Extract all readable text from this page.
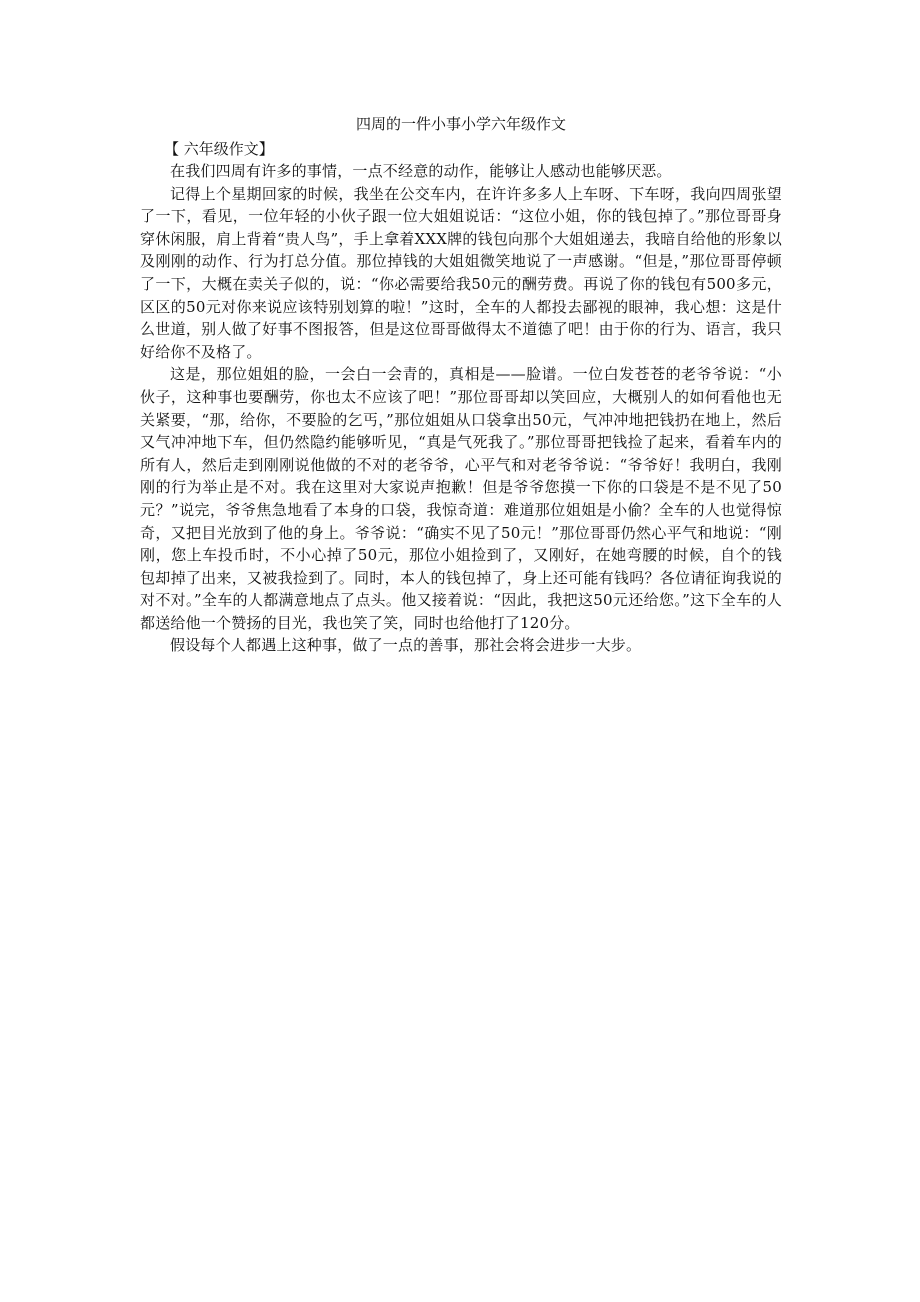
四周的一件小事小学六年级作文

【 六年级作文】

在我们四周有许多的事情，一点不经意的动作，能够让人感动也能够厌恶。

记得上个星期回家的时候，我坐在公交车内，在许许多多人上车呀、下车呀，我向四周张望了一下，看见，一位年轻的小伙子跟一位大姐姐说话：“这位小姐，你的钱包掉了。”那位哥哥身穿休闲服，肩上背着“贵人鸟”，手上拿着XXX牌的钱包向那个大姐姐递去，我暗自给他的形象以及刚刚的动作、行为打总分值。那位掉钱的大姐姐微笑地说了一声感谢。“但是，”那位哥哥停顿了一下，大概在卖关子似的，说：“你必需要给我50元的酬劳费。再说了你的钱包有500多元，区区的50元对你来说应该特别划算的啦！”这时，全车的人都投去鄙视的眼神，我心想：这是什么世道，别人做了好事不图报答，但是这位哥哥做得太不道德了吧！由于你的行为、语言，我只好给你不及格了。

这是，那位姐姐的脸，一会白一会青的，真相是——脸谱。一位白发苍苍的老爷爷说：“小伙子，这种事也要酬劳，你也太不应该了吧！”那位哥哥却以笑回应，大概别人的如何看他也无关紧要，“那，给你，不要脸的乞丐，”那位姐姐从口袋拿出50元，气冲冲地把钱扔在地上，然后又气冲冲地下车，但仍然隐约能够听见，“真是气死我了。”那位哥哥把钱捡了起来，看着车内的所有人，然后走到刚刚说他做的不对的老爷爷，心平气和对老爷爷说：“爷爷好！我明白，我刚刚的行为举止是不对。我在这里对大家说声抱歉！但是爷爷您摸一下你的口袋是不是不见了50元？”说完，爷爷焦急地看了本身的口袋，我惊奇道：难道那位姐姐是小偷？全车的人也觉得惊奇，又把目光放到了他的身上。爷爷说：“确实不见了50元！”那位哥哥仍然心平气和地说：“刚刚，您上车投币时，不小心掉了50元，那位小姐捡到了，又刚好，在她弯腰的时候，自个的钱包却掉了出来，又被我捡到了。同时，本人的钱包掉了，身上还可能有钱吗？各位请征询我说的对不对。”全车的人都满意地点了点头。他又接着说：“因此，我把这50元还给您。”这下全车的人都送给他一个赞扬的目光，我也笑了笑，同时也给他打了120分。

假设每个人都遇上这种事，做了一点的善事，那社会将会进步一大步。
